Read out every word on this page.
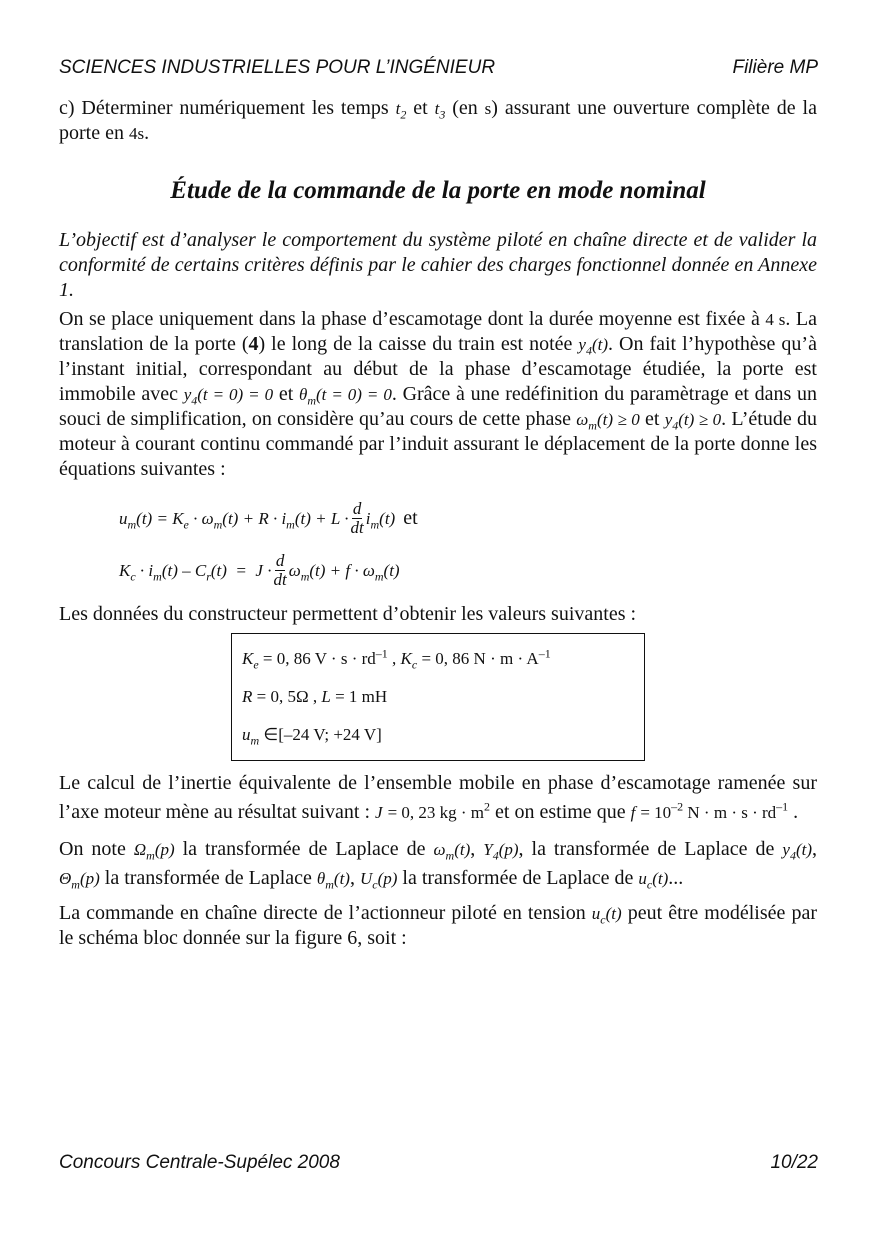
SCIENCES INDUSTRIELLES POUR L’INGÉNIEUR	Filière MP

c) Déterminer numériquement les temps $t_2$ et $t_3$ (en s) assurant une ouverture complète de la porte en 4s.

Étude de la commande de la porte en mode nominal

L’objectif est d’analyser le comportement du système piloté en chaîne directe et de valider la conformité de certains critères définis par le cahier des charges fonctionnel donnée en Annexe 1.

On se place uniquement dans la phase d’escamotage dont la durée moyenne est fixée à 4 s. La translation de la porte (4) le long de la caisse du train est notée $y_4(t)$. On fait l’hypothèse qu’à l’instant initial, correspondant au début de la phase d’escamotage étudiée, la porte est immobile avec $y_4(t = 0) = 0$ et $\theta_m(t = 0) = 0$. Grâce à une redéfinition du paramètrage et dans un souci de simplification, on considère qu’au cours de cette phase $\omega_m(t) \ge 0$ et $y_4(t) \ge 0$. L’étude du moteur à courant continu commandé par l’induit assurant le déplacement de la porte donne les équations suivantes :

$u_m(t) = K_e \cdot \omega_m(t) + R \cdot i_m(t) + L \cdot \frac{d}{dt} i_m(t)$ et
$K_c \cdot i_m(t) - C_r(t) = J \cdot \frac{d}{dt} \omega_m(t) + f \cdot \omega_m(t)$

Les données du constructeur permettent d’obtenir les valeurs suivantes :

$K_e = 0$, 86 $V \cdot s \cdot rd^{-1}$ , $K_c = 0$, 86 $N \cdot m \cdot A^{-1}$
R = 0, 5Ω , L = 1 mH
$u_m$ ∈[–24 V; +24 V]

Le calcul de l’inertie équivalente de l’ensemble mobile en phase d’escamotage ramenée sur l’axe moteur mène au résultat suivant : J = 0, 23 kg · $m^2$ et on estime que $f = 10^{-2}$ $N \cdot m \cdot s \cdot rd^{-1}$ .

On note $\Omega_m(p)$ la transformée de Laplace de $\omega_m(t)$, $Y_4(p)$, la transformée de Laplace de $y_4(t)$, $\Theta_m(p)$ la transformée de Laplace $\theta_m(t)$, $U_c(p)$ la transformée de Laplace de $u_c(t)$...

La commande en chaîne directe de l’actionneur piloté en tension $u_c(t)$ peut être modélisée par le schéma bloc donnée sur la figure 6, soit :

Concours Centrale-Supélec 2008	10/22
